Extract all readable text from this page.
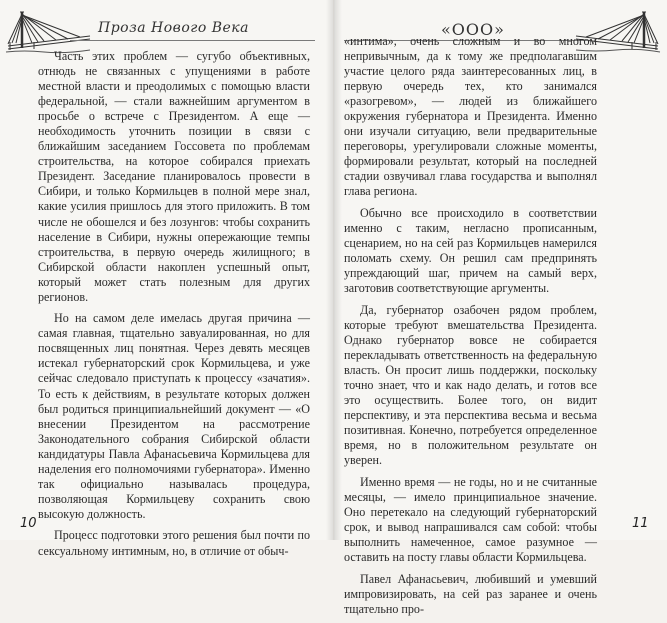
Проза Нового Века	«ООО»

Часть этих проблем — сугубо объективных, отнюдь не связанных с упущениями в работе местной власти и преодолимых с помощью власти федеральной, — стали важнейшим аргументом в просьбе о встрече с Президентом. А еще — необходимость уточнить позиции в связи с ближайшим заседанием Госсовета по проблемам строительства, на которое собирался приехать Президент. Заседание планировалось провести в Сибири, и только Кормильцев в полной мере знал, какие усилия пришлось для этого приложить. В том числе не обошелся и без лозунгов: чтобы сохранить население в Сибири, нужны опережающие темпы строительства, в первую очередь жилищного; в Сибирской области накоплен успешный опыт, который может стать полезным для других регионов.

Но на самом деле имелась другая причина — самая главная, тщательно завуалированная, но для посвященных лиц понятная. Через девять месяцев истекал губернаторский срок Кормильцева, и уже сейчас следовало приступать к процессу «зачатия». То есть к действиям, в результате которых должен был родиться принципиальнейший документ — «О внесении Президентом на рассмотрение Законодательного собрания Сибирской области кандидатуры Павла Афанасьевича Кормильцева для наделения его полномочиями губернатора». Именно так официально называлась процедура, позволяющая Кормильцеву сохранить свою высокую должность.

Процесс подготовки этого решения был почти по сексуальному интимным, но, в отличие от обыч-

«интима», очень сложным и во многом непривычным, да к тому же предполагавшим участие целого ряда заинтересованных лиц, в первую очередь тех, кто занимался «разогревом», — людей из ближайшего окружения губернатора и Президента. Именно они изучали ситуацию, вели предварительные переговоры, урегулировали сложные моменты, формировали результат, который на последней стадии озвучивал глава государства и выполнял глава региона.

Обычно все происходило в соответствии именно с таким, негласно прописанным, сценарием, но на сей раз Кормильцев намерился поломать схему. Он решил сам предпринять упреждающий шаг, причем на самый верх, заготовив соответствующие аргументы.

Да, губернатор озабочен рядом проблем, которые требуют вмешательства Президента. Однако губернатор вовсе не собирается перекладывать ответственность на федеральную власть. Он просит лишь поддержки, поскольку точно знает, что и как надо делать, и готов все это осуществить. Более того, он видит перспективу, и эта перспектива весьма и весьма позитивная. Конечно, потребуется определенное время, но в положительном результате он уверен.

Именно время — не годы, но и не считанные месяцы, — имело принципиальное значение. Оно перетекало на следующий губернаторский срок, и вывод напрашивался сам собой: чтобы выполнить намеченное, самое разумное — оставить на посту главы области Кормильцева.

Павел Афанасьевич, любивший и умевший импровизировать, на сей раз заранее и очень тщательно про-

10	11
